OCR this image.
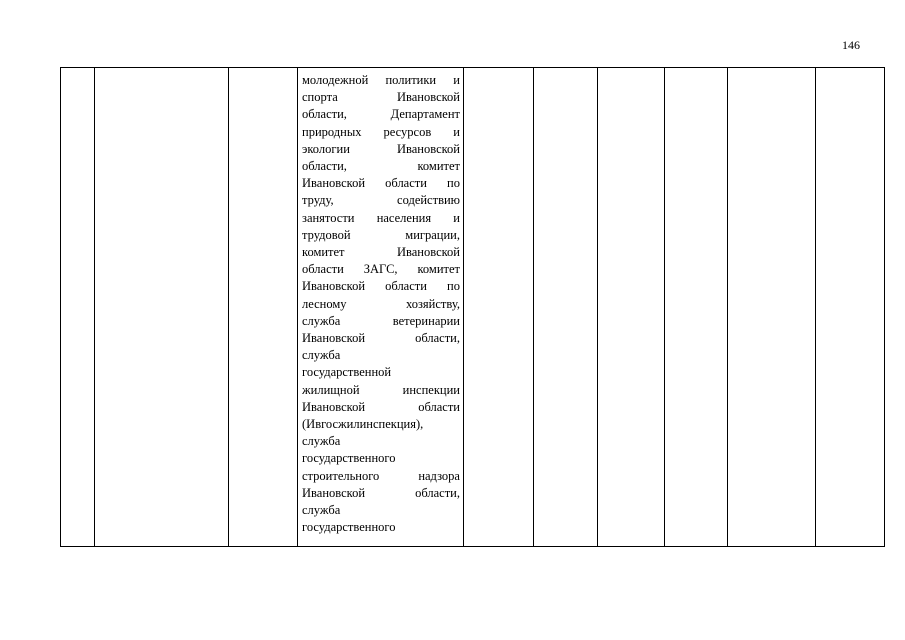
146

молодежной политики и
спорта Ивановской
области, Департамент
природных ресурсов и
экологии Ивановской
области, комитет
Ивановской области по
труду, содействию
занятости населения и
трудовой миграции,
комитет Ивановской
области ЗАГС, комитет
Ивановской области по
лесному хозяйству,
служба ветеринарии
Ивановской области,
служба
государственной
жилищной инспекции
Ивановской области
(Ивгосжилинспекция),
служба
государственного
строительного надзора
Ивановской области,
служба
государственного
